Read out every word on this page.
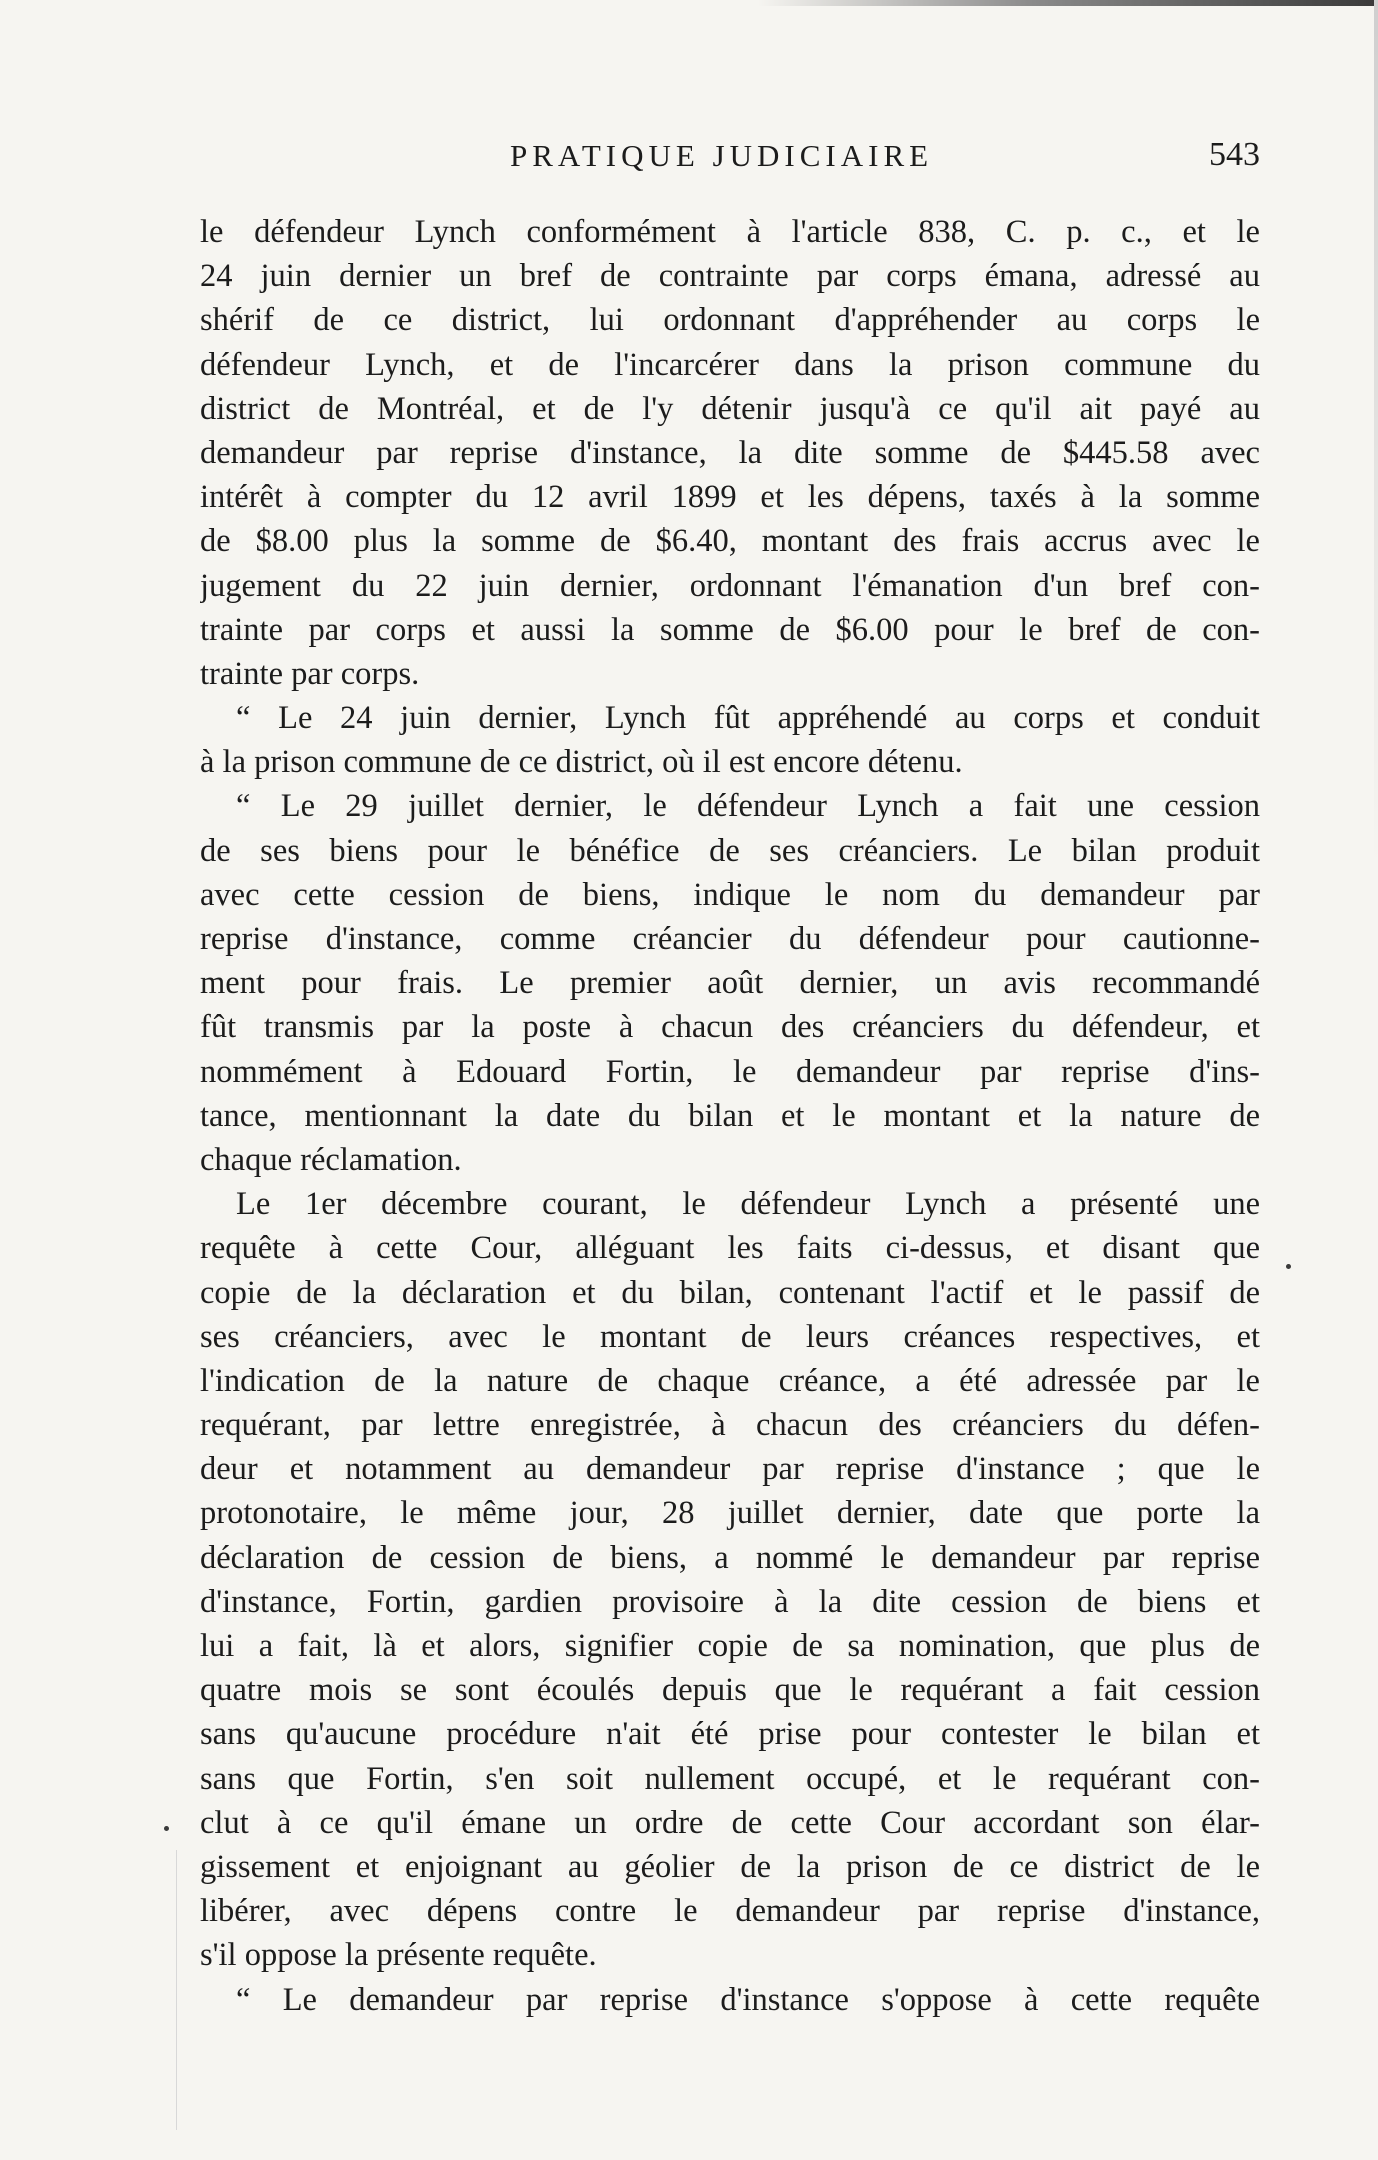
PRATIQUE JUDICIAIRE	543
le défendeur Lynch conformément à l'article 838, C. p. c., et le
24 juin dernier un bref de contrainte par corps émana, adressé au
shérif de ce district, lui ordonnant d'appréhender au corps le
défendeur Lynch, et de l'incarcérer dans la prison commune du
district de Montréal, et de l'y détenir jusqu'à ce qu'il ait payé au
demandeur par reprise d'instance, la dite somme de $445.58 avec
intérêt à compter du 12 avril 1899 et les dépens, taxés à la somme
de $8.00 plus la somme de $6.40, montant des frais accrus avec le
jugement du 22 juin dernier, ordonnant l'émanation d'un bref con-
trainte par corps et aussi la somme de $6.00 pour le bref de con-
trainte par corps.
“ Le 24 juin dernier, Lynch fût appréhendé au corps et conduit
à la prison commune de ce district, où il est encore détenu.
“ Le 29 juillet dernier, le défendeur Lynch a fait une cession
de ses biens pour le bénéfice de ses créanciers. Le bilan produit
avec cette cession de biens, indique le nom du demandeur par
reprise d'instance, comme créancier du défendeur pour cautionne-
ment pour frais. Le premier août dernier, un avis recommandé
fût transmis par la poste à chacun des créanciers du défendeur, et
nommément à Edouard Fortin, le demandeur par reprise d'ins-
tance, mentionnant la date du bilan et le montant et la nature de
chaque réclamation.
Le 1er décembre courant, le défendeur Lynch a présenté une
requête à cette Cour, alléguant les faits ci-dessus, et disant que
copie de la déclaration et du bilan, contenant l'actif et le passif de
ses créanciers, avec le montant de leurs créances respectives, et
l'indication de la nature de chaque créance, a été adressée par le
requérant, par lettre enregistrée, à chacun des créanciers du défen-
deur et notamment au demandeur par reprise d'instance ; que le
protonotaire, le même jour, 28 juillet dernier, date que porte la
déclaration de cession de biens, a nommé le demandeur par reprise
d'instance, Fortin, gardien provisoire à la dite cession de biens et
lui a fait, là et alors, signifier copie de sa nomination, que plus de
quatre mois se sont écoulés depuis que le requérant a fait cession
sans qu'aucune procédure n'ait été prise pour contester le bilan et
sans que Fortin, s'en soit nullement occupé, et le requérant con-
clut à ce qu'il émane un ordre de cette Cour accordant son élar-
gissement et enjoignant au géolier de la prison de ce district de le
libérer, avec dépens contre le demandeur par reprise d'instance,
s'il oppose la présente requête.
“ Le demandeur par reprise d'instance s'oppose à cette requête
